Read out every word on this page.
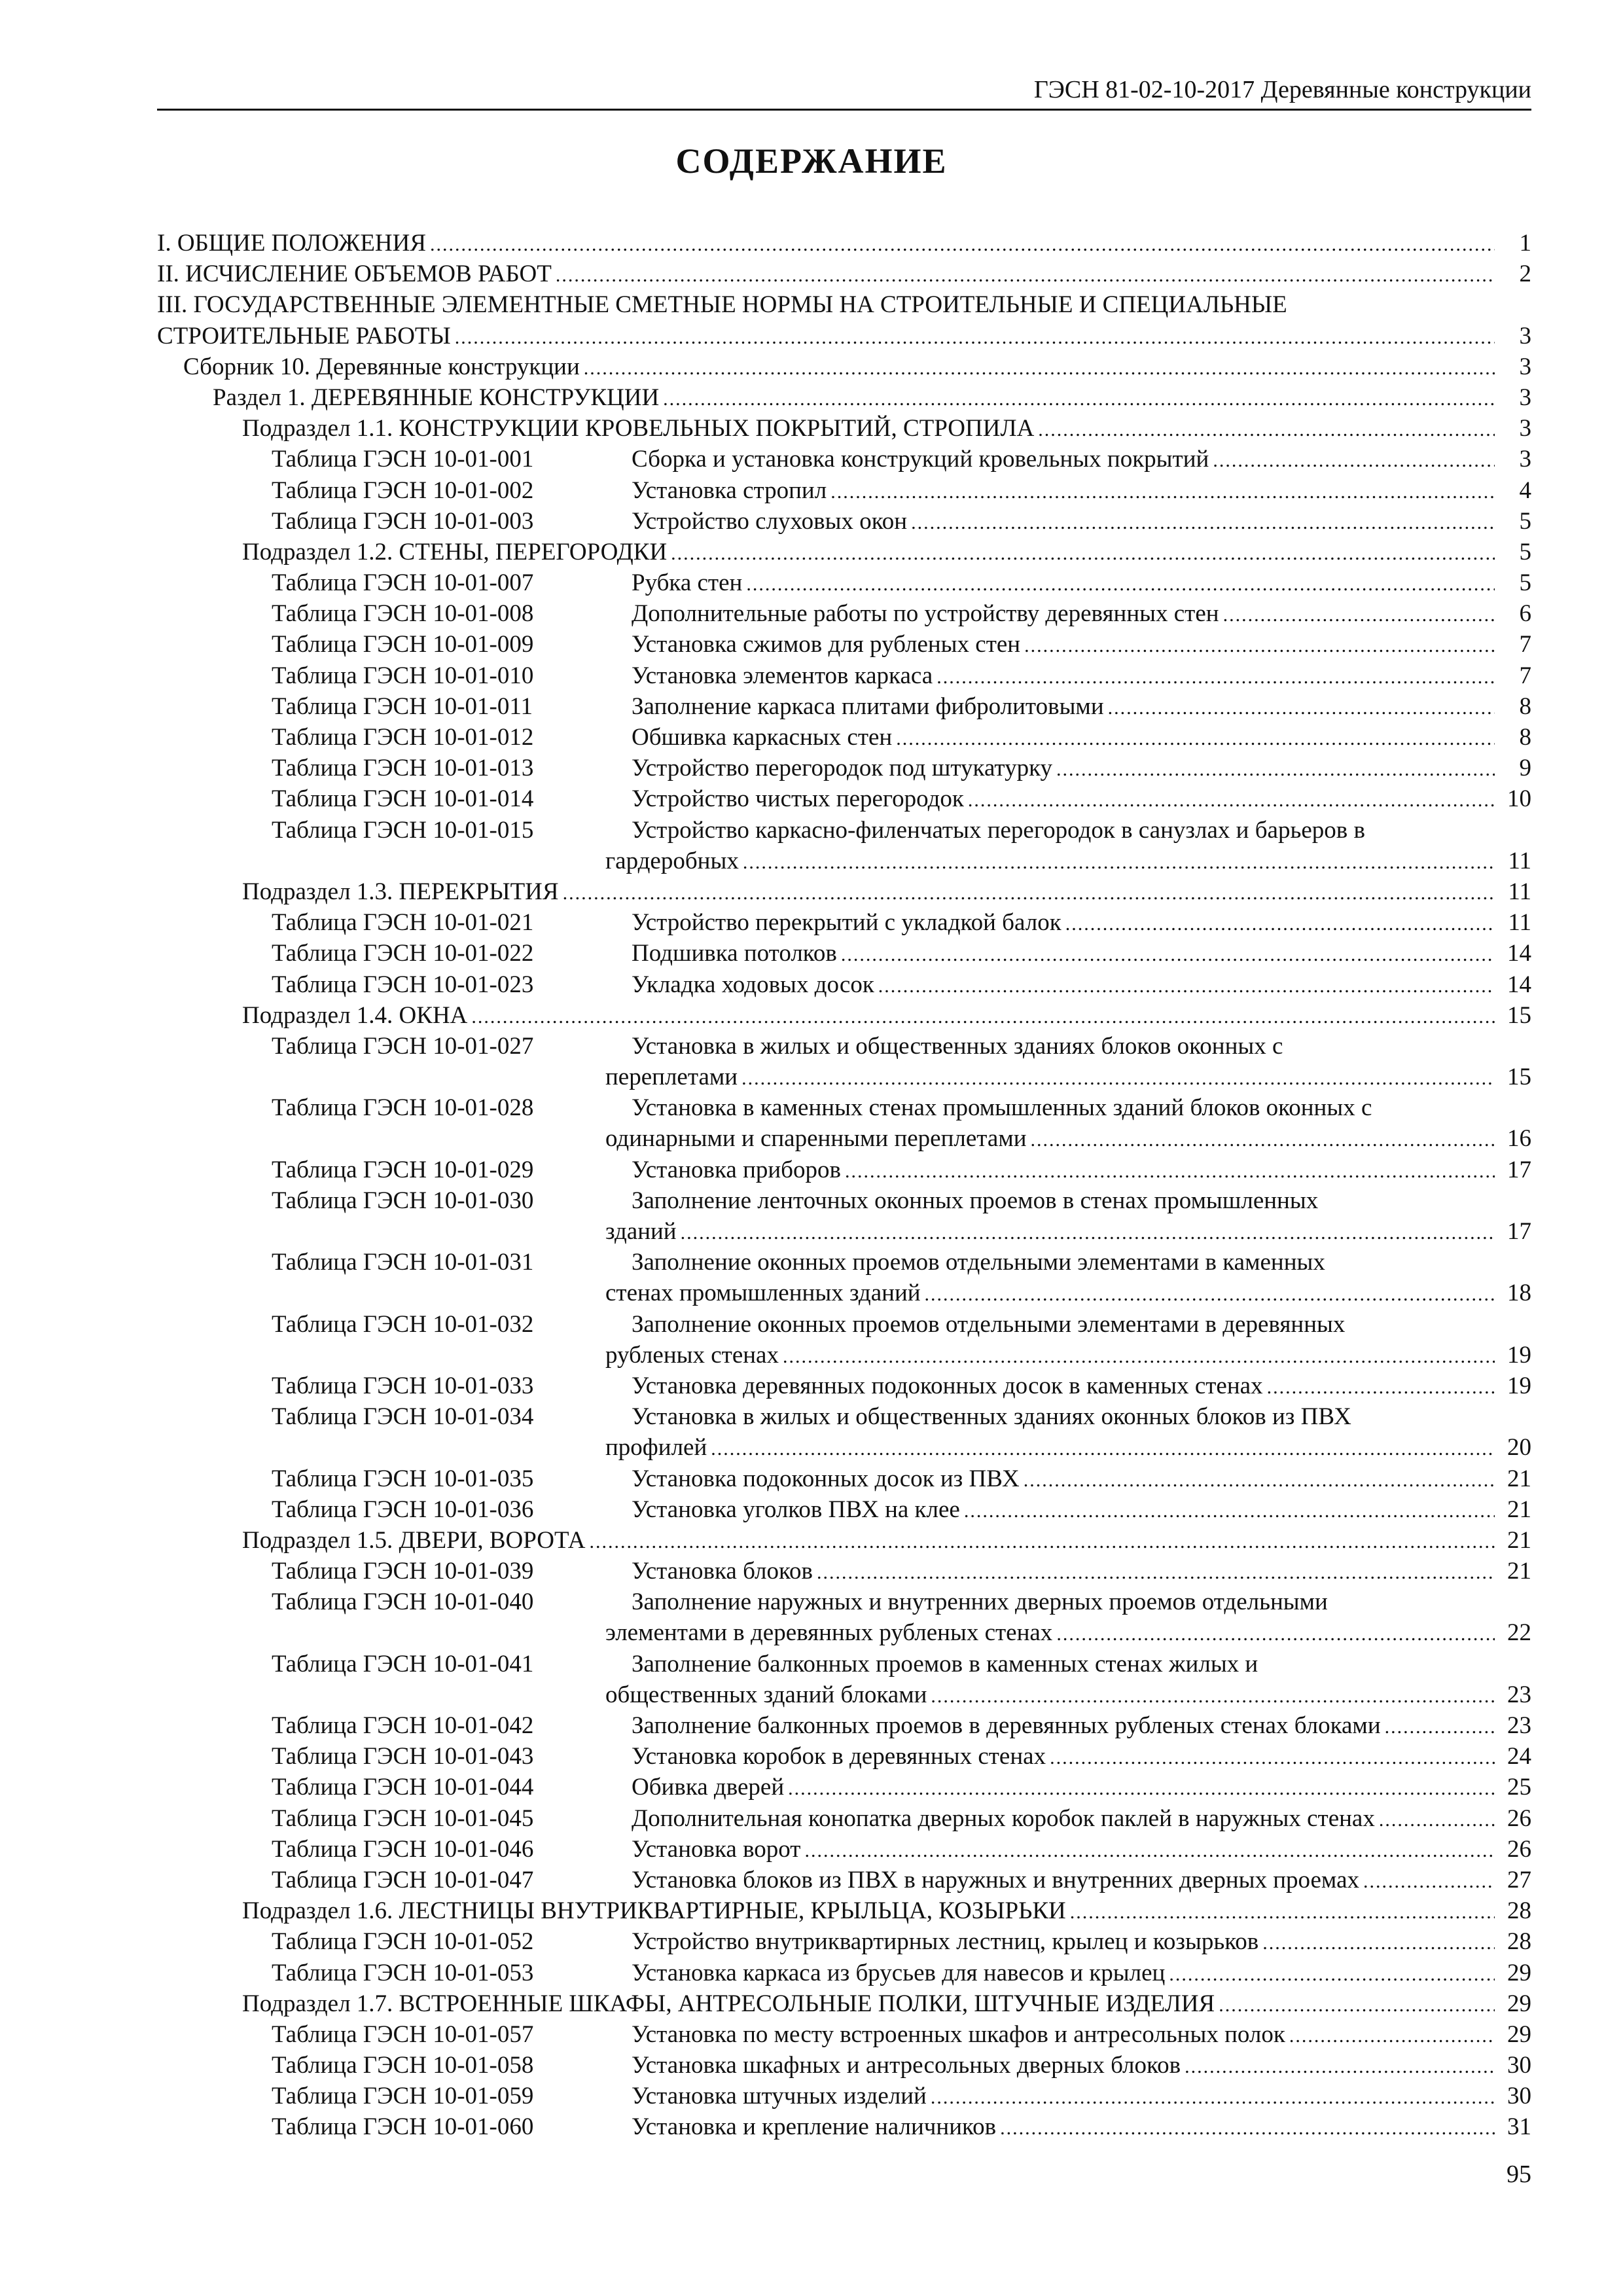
ГЭСН 81-02-10-2017 Деревянные конструкции
СОДЕРЖАНИЕ
I. ОБЩИЕ ПОЛОЖЕНИЯ .....	1
II. ИСЧИСЛЕНИЕ ОБЪЕМОВ РАБОТ .....	2
III. ГОСУДАРСТВЕННЫЕ ЭЛЕМЕНТНЫЕ СМЕТНЫЕ НОРМЫ НА СТРОИТЕЛЬНЫЕ И СПЕЦИАЛЬНЫЕ
СТРОИТЕЛЬНЫЕ РАБОТЫ .....	3
Сборник 10. Деревянные конструкции .....	3
Раздел 1. ДЕРЕВЯННЫЕ КОНСТРУКЦИИ .....	3
Подраздел 1.1. КОНСТРУКЦИИ КРОВЕЛЬНЫХ ПОКРЫТИЙ, СТРОПИЛА .....	3
Таблица ГЭСН 10-01-001	Сборка и установка конструкций кровельных покрытий .....	3
Таблица ГЭСН 10-01-002	Установка стропил .....	4
Таблица ГЭСН 10-01-003	Устройство слуховых окон .....	5
Подраздел 1.2. СТЕНЫ, ПЕРЕГОРОДКИ .....	5
Таблица ГЭСН 10-01-007	Рубка стен .....	5
Таблица ГЭСН 10-01-008	Дополнительные работы по устройству деревянных стен .....	6
Таблица ГЭСН 10-01-009	Установка сжимов для рубленых стен .....	7
Таблица ГЭСН 10-01-010	Установка элементов каркаса .....	7
Таблица ГЭСН 10-01-011	Заполнение каркаса плитами фибролитовыми .....	8
Таблица ГЭСН 10-01-012	Обшивка каркасных стен .....	8
Таблица ГЭСН 10-01-013	Устройство перегородок под штукатурку .....	9
Таблица ГЭСН 10-01-014	Устройство чистых перегородок .....	10
Таблица ГЭСН 10-01-015	Устройство каркасно-филенчатых перегородок в санузлах и барьеров в
гардеробных .....	11
Подраздел 1.3. ПЕРЕКРЫТИЯ .....	11
Таблица ГЭСН 10-01-021	Устройство перекрытий с укладкой балок .....	11
Таблица ГЭСН 10-01-022	Подшивка потолков .....	14
Таблица ГЭСН 10-01-023	Укладка ходовых досок .....	14
Подраздел 1.4. ОКНА .....	15
Таблица ГЭСН 10-01-027	Установка в жилых и общественных зданиях блоков оконных с
переплетами .....	15
Таблица ГЭСН 10-01-028	Установка в каменных стенах промышленных зданий блоков оконных с
одинарными и спаренными переплетами .....	16
Таблица ГЭСН 10-01-029	Установка приборов .....	17
Таблица ГЭСН 10-01-030	Заполнение ленточных оконных проемов в стенах промышленных
зданий .....	17
Таблица ГЭСН 10-01-031	Заполнение оконных проемов отдельными элементами в каменных
стенах промышленных зданий .....	18
Таблица ГЭСН 10-01-032	Заполнение оконных проемов отдельными элементами в деревянных
рубленых стенах .....	19
Таблица ГЭСН 10-01-033	Установка деревянных подоконных досок в каменных стенах .....	19
Таблица ГЭСН 10-01-034	Установка в жилых и общественных зданиях оконных блоков из ПВХ
профилей .....	20
Таблица ГЭСН 10-01-035	Установка подоконных досок из ПВХ .....	21
Таблица ГЭСН 10-01-036	Установка уголков ПВХ на клее .....	21
Подраздел 1.5. ДВЕРИ, ВОРОТА .....	21
Таблица ГЭСН 10-01-039	Установка блоков .....	21
Таблица ГЭСН 10-01-040	Заполнение наружных и внутренних дверных проемов отдельными
элементами в деревянных рубленых стенах .....	22
Таблица ГЭСН 10-01-041	Заполнение балконных проемов в каменных стенах жилых и
общественных зданий блоками .....	23
Таблица ГЭСН 10-01-042	Заполнение балконных проемов в деревянных рубленых стенах блоками .....	23
Таблица ГЭСН 10-01-043	Установка коробок в деревянных стенах .....	24
Таблица ГЭСН 10-01-044	Обивка дверей .....	25
Таблица ГЭСН 10-01-045	Дополнительная конопатка дверных коробок паклей в наружных стенах .....	26
Таблица ГЭСН 10-01-046	Установка ворот .....	26
Таблица ГЭСН 10-01-047	Установка блоков из ПВХ в наружных и внутренних дверных проемах .....	27
Подраздел 1.6. ЛЕСТНИЦЫ ВНУТРИКВАРТИРНЫЕ, КРЫЛЬЦА, КОЗЫРЬКИ .....	28
Таблица ГЭСН 10-01-052	Устройство внутриквартирных лестниц, крылец и козырьков .....	28
Таблица ГЭСН 10-01-053	Установка каркаса из брусьев для навесов и крылец .....	29
Подраздел 1.7. ВСТРОЕННЫЕ ШКАФЫ, АНТРЕСОЛЬНЫЕ ПОЛКИ, ШТУЧНЫЕ ИЗДЕЛИЯ .....	29
Таблица ГЭСН 10-01-057	Установка по месту встроенных шкафов и антресольных полок .....	29
Таблица ГЭСН 10-01-058	Установка шкафных и антресольных дверных блоков .....	30
Таблица ГЭСН 10-01-059	Установка штучных изделий .....	30
Таблица ГЭСН 10-01-060	Установка и крепление наличников .....	31
95
